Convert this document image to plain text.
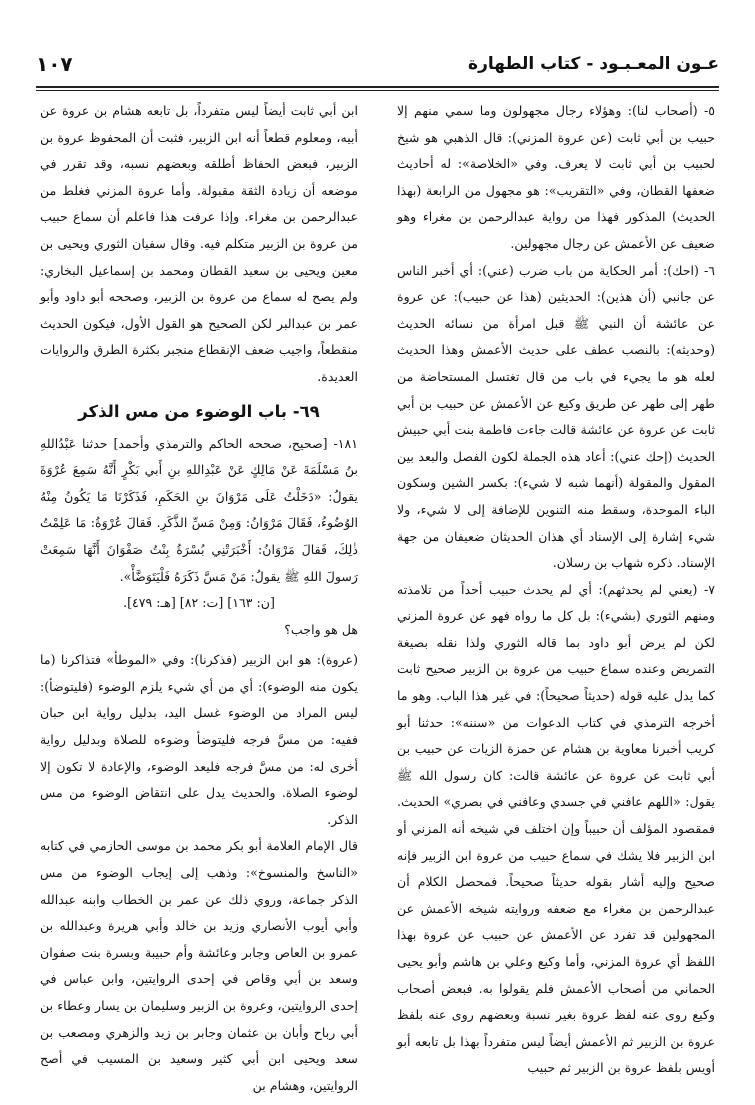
عـون المعـبـود - كتاب الطهارة
١٠٧

٥- (أصحاب لنا): وهؤلاء رجال مجهولون وما سمي منهم إلا حبيب بن أبي ثابت (عن عروة المزني): قال الذهبي هو شيخ لحبيب بن أبي ثابت لا يعرف. وفي «الخلاصة»: له أحاديث ضعفها القطان، وفي «التقريب»: هو مجهول من الرابعة (بهذا الحديث) المذكور فهذا من رواية عبدالرحمن بن مغراء وهو ضعيف عن الأعمش عن رجال مجهولين.

٦- (احك): أمر الحكاية من باب ضرب (عني): أي أخبر الناس عن جانبي (أن هذين): الحديثين (هذا عن حبيب): عن عروة عن عائشة أن النبي ﷺ قبل امرأة من نسائه الحديث (وحديثه): بالنصب عطف على حديث الأعمش وهذا الحديث لعله هو ما يجيء في باب من قال تغتسل المستحاضة من طهر إلى طهر عن طريق وكيع عن الأعمش عن حبيب بن أبي ثابت عن عروة عن عائشة قالت جاءت فاطمة بنت أبي حبيش الحديث (إحك عني): أعاد هذه الجملة لكون الفصل والبعد بين المقول والمقولة (أنهما شبه لا شيء): بكسر الشين وسكون الباء الموحدة، وسقط منه التنوين للإضافة إلى لا شيء، ولا شيء إشارة إلى الإسناد أي هذان الحديثان ضعيفان من جهة الإسناد. ذكره شهاب بن رسلان.

٧- (يعني لم يحدثهم): أي لم يحدث حبيب أحداً من تلامذته ومنهم الثوري (بشيء): بل كل ما رواه فهو عن عروة المزني لكن لم يرض أبو داود بما قاله الثوري ولذا نقله بصيغة التمريض وعنده سماع حبيب من عروة بن الزبير صحيح ثابت كما يدل عليه قوله (حديثاً صحيحاً): في غير هذا الباب. وهو ما أخرجه الترمذي في كتاب الدعوات من «سننه»: حدثنا أبو كريب أخبرنا معاوية بن هشام عن حمزة الزيات عن حبيب بن أبي ثابت عن عروة عن عائشة قالت: كان رسول الله ﷺ يقول: «اللهم عافني في جسدي وعافني في بصري» الحديث. فمقصود المؤلف أن حبيباً وإن اختلف في شيخه أنه المزني أو ابن الزبير فلا يشك في سماع حبيب من عروة ابن الزبير فإنه صحيح وإليه أشار بقوله حديثاً صحيحاً. فمحصل الكلام أن عبدالرحمن بن مغراء مع ضعفه وروايته شيخه الأعمش عن المجهولين قد تفرد عن الأعمش عن حبيب عن عروة بهذا اللفظ أي عروة المزني، وأما وكيع وعلي بن هاشم وأبو يحيى الحماني من أصحاب الأعمش فلم يقولوا به. فبعض أصحاب وكيع روى عنه لفظ عروة بغير نسبة وبعضهم روى عنه بلفظ عروة بن الزبير ثم الأعمش أيضاً ليس متفرداً بهذا بل تابعه أبو أويس بلفظ عروة بن الزبير ثم حبيب

ابن أبي ثابت أيضاً ليس متفرداً، بل تابعه هشام بن عروة عن أبيه، ومعلوم قطعاً أنه ابن الزبير، فثبت أن المحفوظ عروة بن الزبير، فبعض الحفاظ أطلقه وبعضهم نسبه، وقد تقرر في موضعه أن زيادة الثقة مقبولة. وأما عروة المزني فغلط من عبدالرحمن بن مغراء. وإذا عرفت هذا فاعلم أن سماع حبيب من عروة بن الزبير متكلم فيه. وقال سفيان الثوري ويحيى بن معين ويحيى بن سعيد القطان ومحمد بن إسماعيل البخاري: ولم يصح له سماع من عروة بن الزبير، وصححه أبو داود وأبو عمر بن عبدالبر لكن الصحيح هو القول الأول، فيكون الحديث منقطعاً، واجيب ضعف الإنقطاع منجبر بكثرة الطرق والروايات العديدة.

٦٩- باب الوضوء من مس الذكر

١٨١- [صحيح، صححه الحاكم والترمذي وأحمد] حدثنا عَبْدُاللهِ بنُ مَسْلَمَةَ عَنْ مَالِكٍ عَنْ عَبْدِاللهِ بنِ أَبي بَكْرٍ أَنَّهُ سَمِعَ عُرْوَةَ يقولُ: «دَخَلْتُ عَلَى مَرْوَانَ بنِ الحَكَمِ، فَذَكَرْنَا مَا يَكُونُ مِنْهُ الوُضُوءُ، فَقَالَ مَرْوَانُ: وَمِنْ مَسِّ الذَّكَرِ. فَقالَ عُرْوَةُ: مَا عَلِمْتُ ذٰلِكَ، فَقالَ مَرْوَانُ: أَخْبَرَتْنِي بُسْرَةُ بِنْتُ صَفْوَانَ أَنَّهَا سَمِعَتْ رَسولَ اللهِ ﷺ يقولُ: مَنْ مَسَّ ذَكَرَهُ فَلْيَتَوَضَّأْ».

[ن: ١٦٣] [ت: ٨٢] [هـ: ٤٧٩].

هل هو واجب؟

(عروة): هو ابن الزبير (فذكرنا): وفي «الموطأ» فتذاكرنا (ما يكون منه الوضوء): أي من أي شيء يلزم الوضوء (فليتوضأ): ليس المراد من الوضوء غسل اليد، بدليل رواية ابن حبان ففيه: من مسَّ فرجه فليتوضأ وضوءه للصلاة وبدليل رواية أخرى له: من مسَّ فرجه فليعد الوضوء، والإعادة لا تكون إلا لوضوء الصلاة. والحديث يدل على انتقاض الوضوء من مس الذكر.

قال الإمام العلامة أبو بكر محمد بن موسى الحازمي في كتابه «الناسخ والمنسوخ»: وذهب إلى إيجاب الوضوء من مس الذكر جماعة، وروي ذلك عن عمر بن الخطاب وابنه عبدالله وأبي أيوب الأنصاري وزيد بن خالد وأبي هريرة وعبدالله بن عمرو بن العاص وجابر وعائشة وأم حبيبة وبسرة بنت صفوان وسعد بن أبي وقاص في إحدى الروايتين، وابن عباس في إحدى الروايتين، وعروة بن الزبير وسليمان بن يسار وعطاء بن أبي رباح وأبان بن عثمان وجابر بن زيد والزهري ومصعب بن سعد ويحيى ابن أبي كثير وسعيد بن المسيب في أصح الروايتين، وهشام بن
